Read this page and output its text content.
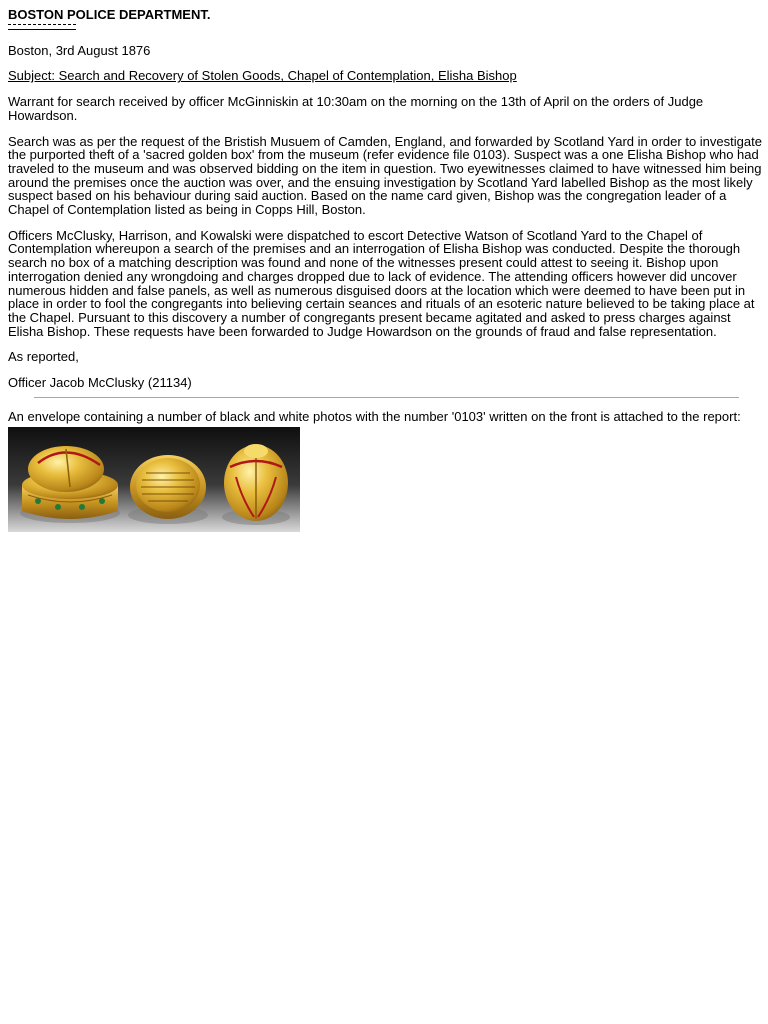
BOSTON POLICE DEPARTMENT.

Boston, 3rd August 1876

Subject: Search and Recovery of Stolen Goods, Chapel of Contemplation, Elisha Bishop

Warrant for search received by officer McGinniskin at 10:30am on the morning on the 13th of April on the orders of Judge Howardson.

Search was as per the request of the Bristish Musuem of Camden, England, and forwarded by Scotland Yard in order to investigate the purported theft of a 'sacred golden box' from the museum (refer evidence file 0103). Suspect was a one Elisha Bishop who had traveled to the museum and was observed bidding on the item in question. Two eyewitnesses claimed to have witnessed him being around the premises once the auction was over, and the ensuing investigation by Scotland Yard labelled Bishop as the most likely suspect based on his behaviour during said auction. Based on the name card given, Bishop was the congregation leader of a Chapel of Contemplation listed as being in Copps Hill, Boston.

Officers McClusky, Harrison, and Kowalski were dispatched to escort Detective Watson of Scotland Yard to the Chapel of Contemplation whereupon a search of the premises and an interrogation of Elisha Bishop was conducted. Despite the thorough search no box of a matching description was found and none of the witnesses present could attest to seeing it. Bishop upon interrogation denied any wrongdoing and charges dropped due to lack of evidence. The attending officers however did uncover numerous hidden and false panels, as well as numerous disguised doors at the location which were deemed to have been put in place in order to fool the congregants into believing certain seances and rituals of an esoteric nature believed to be taking place at the Chapel. Pursuant to this discovery a number of congregants present became agitated and asked to press charges against Elisha Bishop. These requests have been forwarded to Judge Howardson on the grounds of fraud and false representation.

As reported,

Officer Jacob McClusky (21134)

An envelope containing a number of black and white photos with the number '0103' written on the front is attached to the report:
